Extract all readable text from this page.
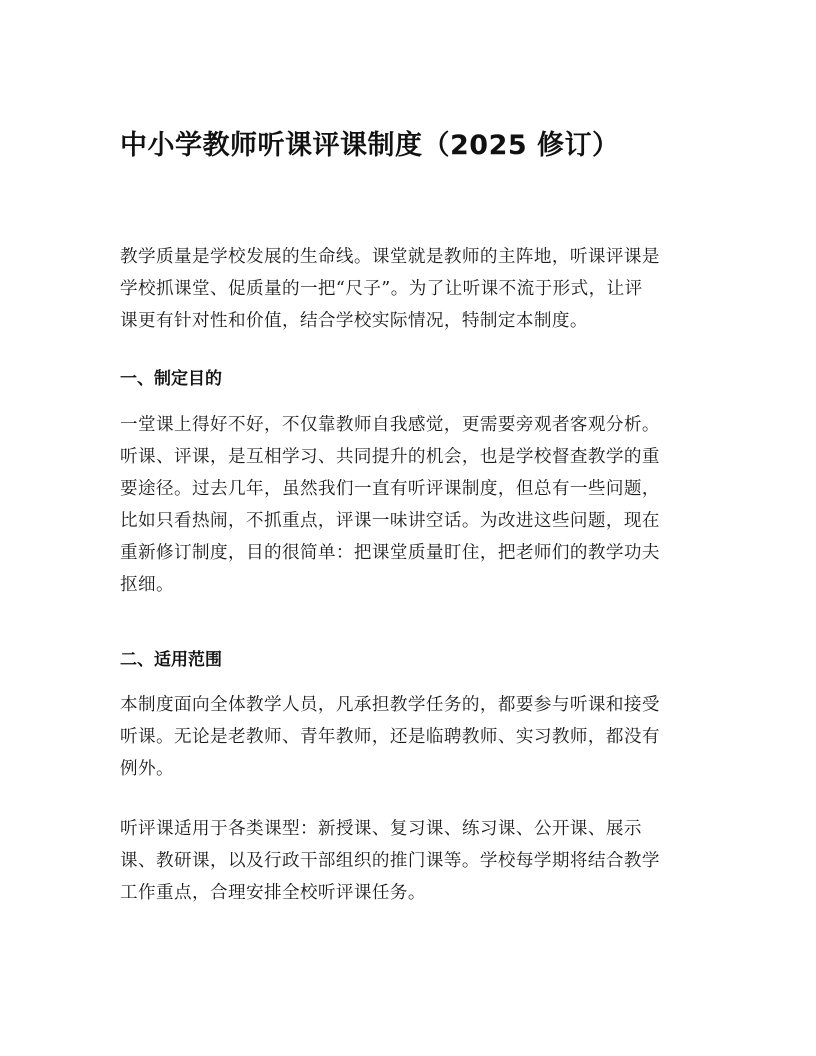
中小学教师听课评课制度（2025 修订）

教学质量是学校发展的生命线。课堂就是教师的主阵地，听课评课是
学校抓课堂、促质量的一把“尺子”。为了让听课不流于形式，让评
课更有针对性和价值，结合学校实际情况，特制定本制度。

一、制定目的

一堂课上得好不好，不仅靠教师自我感觉，更需要旁观者客观分析。
听课、评课，是互相学习、共同提升的机会，也是学校督查教学的重
要途径。过去几年，虽然我们一直有听评课制度，但总有一些问题，
比如只看热闹，不抓重点，评课一味讲空话。为改进这些问题，现在
重新修订制度，目的很简单：把课堂质量盯住，把老师们的教学功夫
抠细。

二、适用范围

本制度面向全体教学人员，凡承担教学任务的，都要参与听课和接受
听课。无论是老教师、青年教师，还是临聘教师、实习教师，都没有
例外。

听评课适用于各类课型：新授课、复习课、练习课、公开课、展示
课、教研课，以及行政干部组织的推门课等。学校每学期将结合教学
工作重点，合理安排全校听评课任务。
